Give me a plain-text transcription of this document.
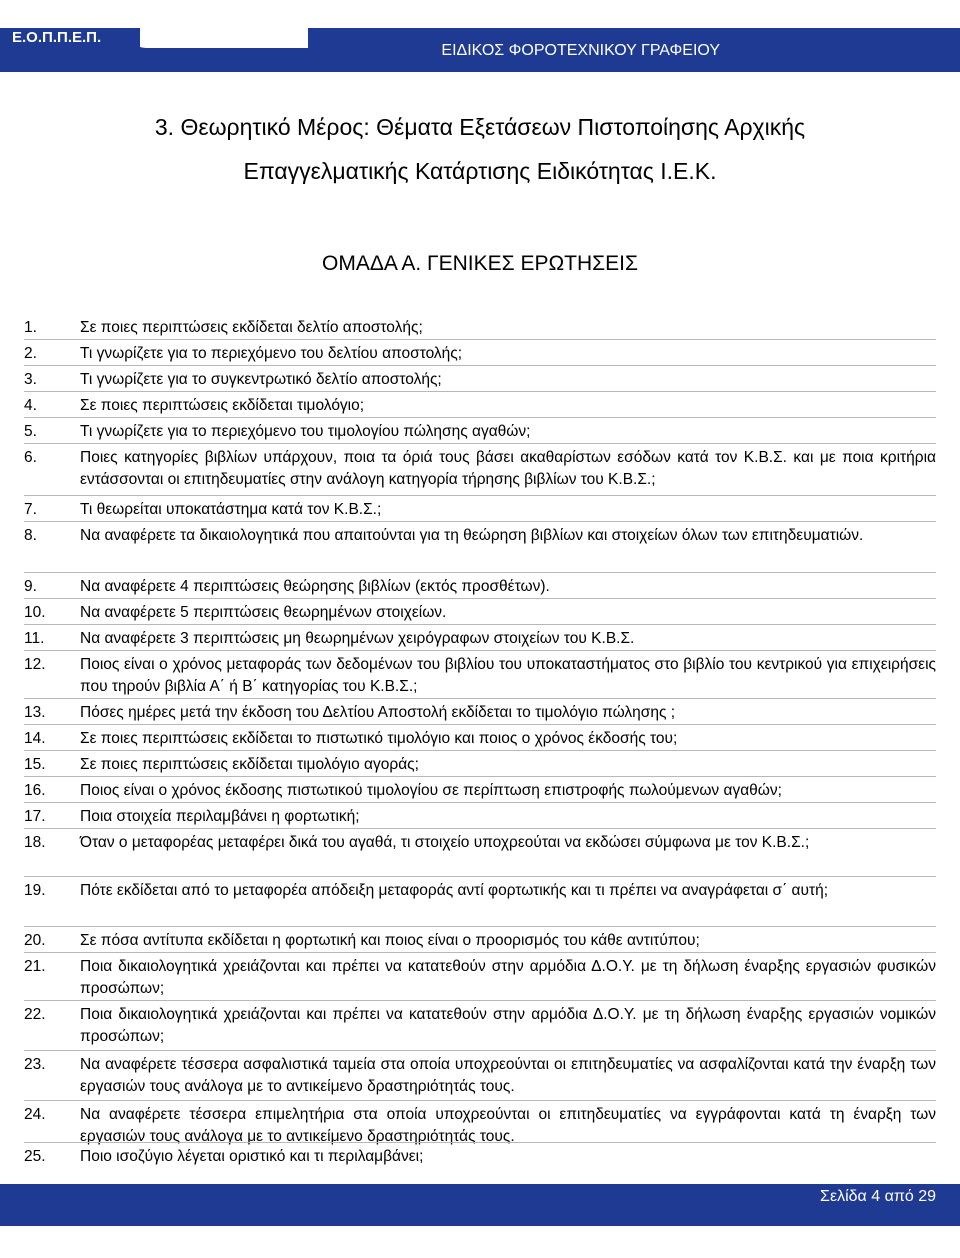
Ε.Ο.Π.Π.Ε.Π.
ΕΙΔΙΚΟΣ ΦΟΡΟΤΕΧΝΙΚΟΥ ΓΡΑΦΕΙΟΥ
3. Θεωρητικό Μέρος: Θέματα Εξετάσεων Πιστοποίησης Αρχικής
Επαγγελματικής Κατάρτισης Ειδικότητας Ι.Ε.Κ.
ΟΜΑΔΑ Α. ΓΕΝΙΚΕΣ ΕΡΩΤΗΣΕΙΣ
1.	Σε ποιες περιπτώσεις εκδίδεται δελτίο αποστολής;
2.	Τι γνωρίζετε για το περιεχόμενο του δελτίου αποστολής;
3.	Τι γνωρίζετε για το συγκεντρωτικό δελτίο αποστολής;
4.	Σε ποιες περιπτώσεις εκδίδεται τιμολόγιο;
5.	Τι γνωρίζετε για το περιεχόμενο του τιμολογίου πώλησης αγαθών;
6.	Ποιες κατηγορίες βιβλίων υπάρχουν, ποια τα όριά τους βάσει ακαθαρίστων εσόδων κατά τον Κ.Β.Σ. και με ποια κριτήρια εντάσσονται οι επιτηδευματίες στην ανάλογη κατηγορία τήρησης βιβλίων του Κ.Β.Σ.;
7.	Τι θεωρείται υποκατάστημα κατά τον Κ.Β.Σ.;
8.	Να αναφέρετε τα δικαιολογητικά που απαιτούνται για τη θεώρηση βιβλίων και στοιχείων όλων των επιτηδευματιών.
9.	Να αναφέρετε 4 περιπτώσεις θεώρησης βιβλίων (εκτός προσθέτων).
10.	Να αναφέρετε 5 περιπτώσεις θεωρημένων στοιχείων.
11.	Να αναφέρετε 3 περιπτώσεις μη θεωρημένων χειρόγραφων στοιχείων του Κ.Β.Σ.
12.	Ποιος είναι ο χρόνος μεταφοράς των δεδομένων του βιβλίου του υποκαταστήματος στο βιβλίο του κεντρικού για επιχειρήσεις που τηρούν βιβλία Α΄ ή Β΄ κατηγορίας του Κ.Β.Σ.;
13.	Πόσες ημέρες μετά την έκδοση του Δελτίου Αποστολή εκδίδεται το τιμολόγιο πώλησης ;
14.	Σε ποιες περιπτώσεις εκδίδεται το πιστωτικό τιμολόγιο και ποιος ο χρόνος έκδοσής του;
15.	Σε ποιες περιπτώσεις εκδίδεται τιμολόγιο αγοράς;
16.	Ποιος είναι ο χρόνος έκδοσης πιστωτικού τιμολογίου σε περίπτωση επιστροφής πωλούμενων αγαθών;
17.	Ποια στοιχεία περιλαμβάνει η φορτωτική;
18.	Όταν ο μεταφορέας μεταφέρει δικά του αγαθά, τι στοιχείο υποχρεούται να εκδώσει σύμφωνα με τον Κ.Β.Σ.;
19.	Πότε εκδίδεται από το μεταφορέα απόδειξη μεταφοράς αντί φορτωτικής και τι πρέπει να αναγράφεται σ΄ αυτή;
20.	Σε πόσα αντίτυπα εκδίδεται η φορτωτική και ποιος είναι ο προορισμός του κάθε αντιτύπου;
21.	Ποια δικαιολογητικά χρειάζονται και πρέπει να κατατεθούν στην αρμόδια Δ.Ο.Υ. με τη δήλωση έναρξης εργασιών φυσικών προσώπων;
22.	Ποια δικαιολογητικά χρειάζονται και πρέπει να κατατεθούν στην αρμόδια Δ.Ο.Υ. με τη δήλωση έναρξης εργασιών νομικών προσώπων;
23.	Να αναφέρετε τέσσερα ασφαλιστικά ταμεία στα οποία υποχρεούνται οι επιτηδευματίες να ασφαλίζονται κατά την έναρξη των εργασιών τους ανάλογα με το αντικείμενο δραστηριότητάς τους.
24.	Να αναφέρετε τέσσερα επιμελητήρια στα οποία υποχρεούνται οι επιτηδευματίες να εγγράφονται κατά τη έναρξη των εργασιών τους ανάλογα με το αντικείμενο δραστηριότητάς τους.
25.	Ποιο ισοζύγιο λέγεται οριστικό και τι περιλαμβάνει;
Σελίδα 4 από 29
